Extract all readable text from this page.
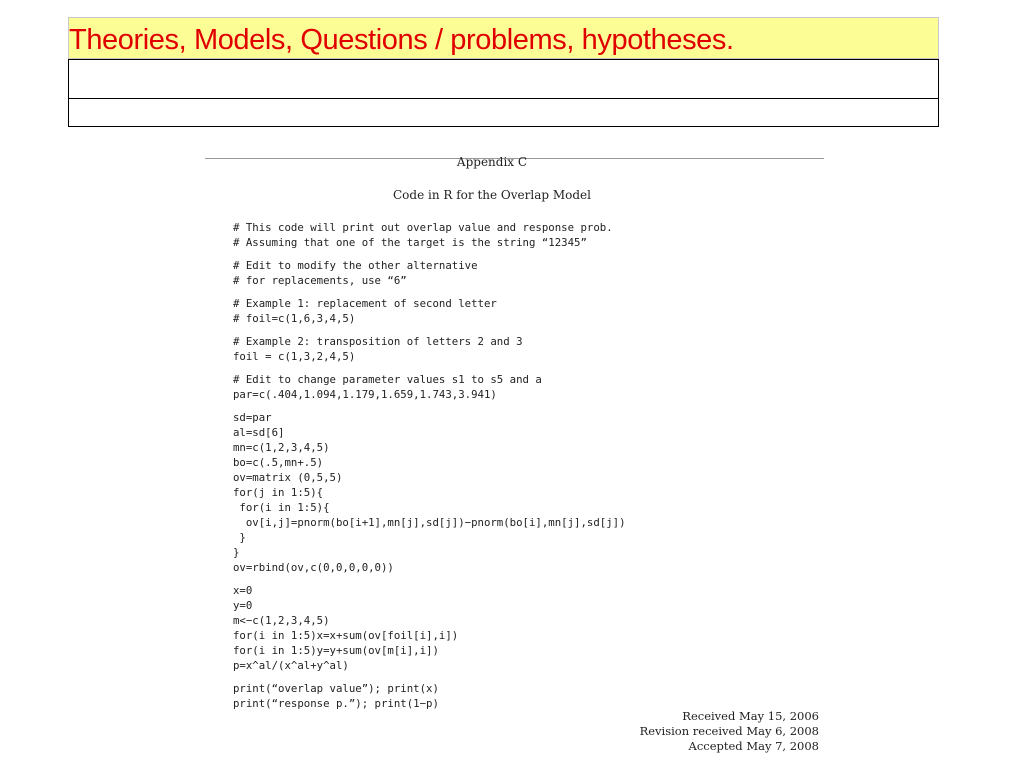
Theories, Models, Questions / problems, hypotheses.
Appendix C
Code in R for the Overlap Model
# This code will print out overlap value and response prob.
# Assuming that one of the target is the string “12345”
# Edit to modify the other alternative
# for replacements, use “6”
# Example 1: replacement of second letter
# foil=c(1,6,3,4,5)
# Example 2: transposition of letters 2 and 3
foil = c(1,3,2,4,5)
# Edit to change parameter values s1 to s5 and a
par=c(.404,1.094,1.179,1.659,1.743,3.941)
sd=par
al=sd[6]
mn=c(1,2,3,4,5)
bo=c(.5,mn+.5)
ov=matrix (0,5,5)
for(j in 1:5){
for(i in 1:5){
ov[i,j]=pnorm(bo[i+1],mn[j],sd[j])−pnorm(bo[i],mn[j],sd[j])
}
}
ov=rbind(ov,c(0,0,0,0,0))
x=0
y=0
m<−c(1,2,3,4,5)
for(i in 1:5)x=x+sum(ov[foil[i],i])
for(i in 1:5)y=y+sum(ov[m[i],i])
p=x^al/(x^al+y^al)
print(“overlap value”); print(x)
print(“response p.”); print(1−p)
Received May 15, 2006
Revision received May 6, 2008
Accepted May 7, 2008
